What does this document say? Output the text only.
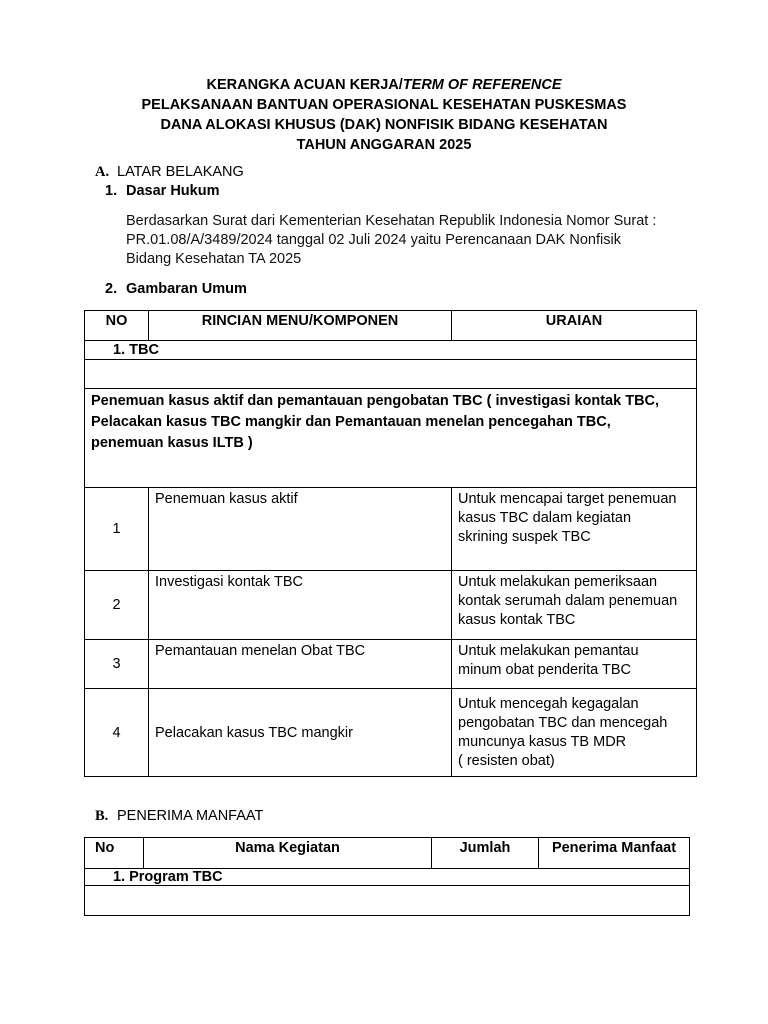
KERANGKA ACUAN KERJA/TERM OF REFERENCE
PELAKSANAAN BANTUAN OPERASIONAL KESEHATAN PUSKESMAS
DANA ALOKASI KHUSUS (DAK) NONFISIK BIDANG KESEHATAN
TAHUN ANGGARAN 2025
A. LATAR BELAKANG
1. Dasar Hukum
Berdasarkan Surat dari Kementerian Kesehatan Republik Indonesia Nomor Surat :
PR.01.08/A/3489/2024 tanggal 02 Juli 2024 yaitu Perencanaan DAK Nonfisik
Bidang Kesehatan TA 2025
2. Gambaran Umum
NO	RINCIAN MENU/KOMPONEN	URAIAN
1. TBC		

Penemuan kasus aktif dan pemantauan pengobatan TBC ( investigasi kontak TBC,
Pelacakan kasus TBC mangkir dan Pemantauan menelan pencegahan TBC,
penemuan kasus ILTB )		

1	Penemuan kasus aktif	Untuk mencapai target penemuan
kasus TBC dalam kegiatan
skrining suspek TBC

2	Investigasi kontak TBC	Untuk melakukan pemeriksaan
kontak serumah dalam penemuan
kasus kontak TBC

3	Pemantauan menelan Obat TBC	Untuk melakukan pemantau
minum obat penderita TBC

4	Pelacakan kasus TBC mangkir	Untuk mencegah kegagalan
pengobatan TBC dan mencegah
muncunya kasus TB MDR
( resisten obat)
B. PENERIMA MANFAAT
No	Nama Kegiatan	Jumlah	Penerima Manfaat
1. Program TBC
